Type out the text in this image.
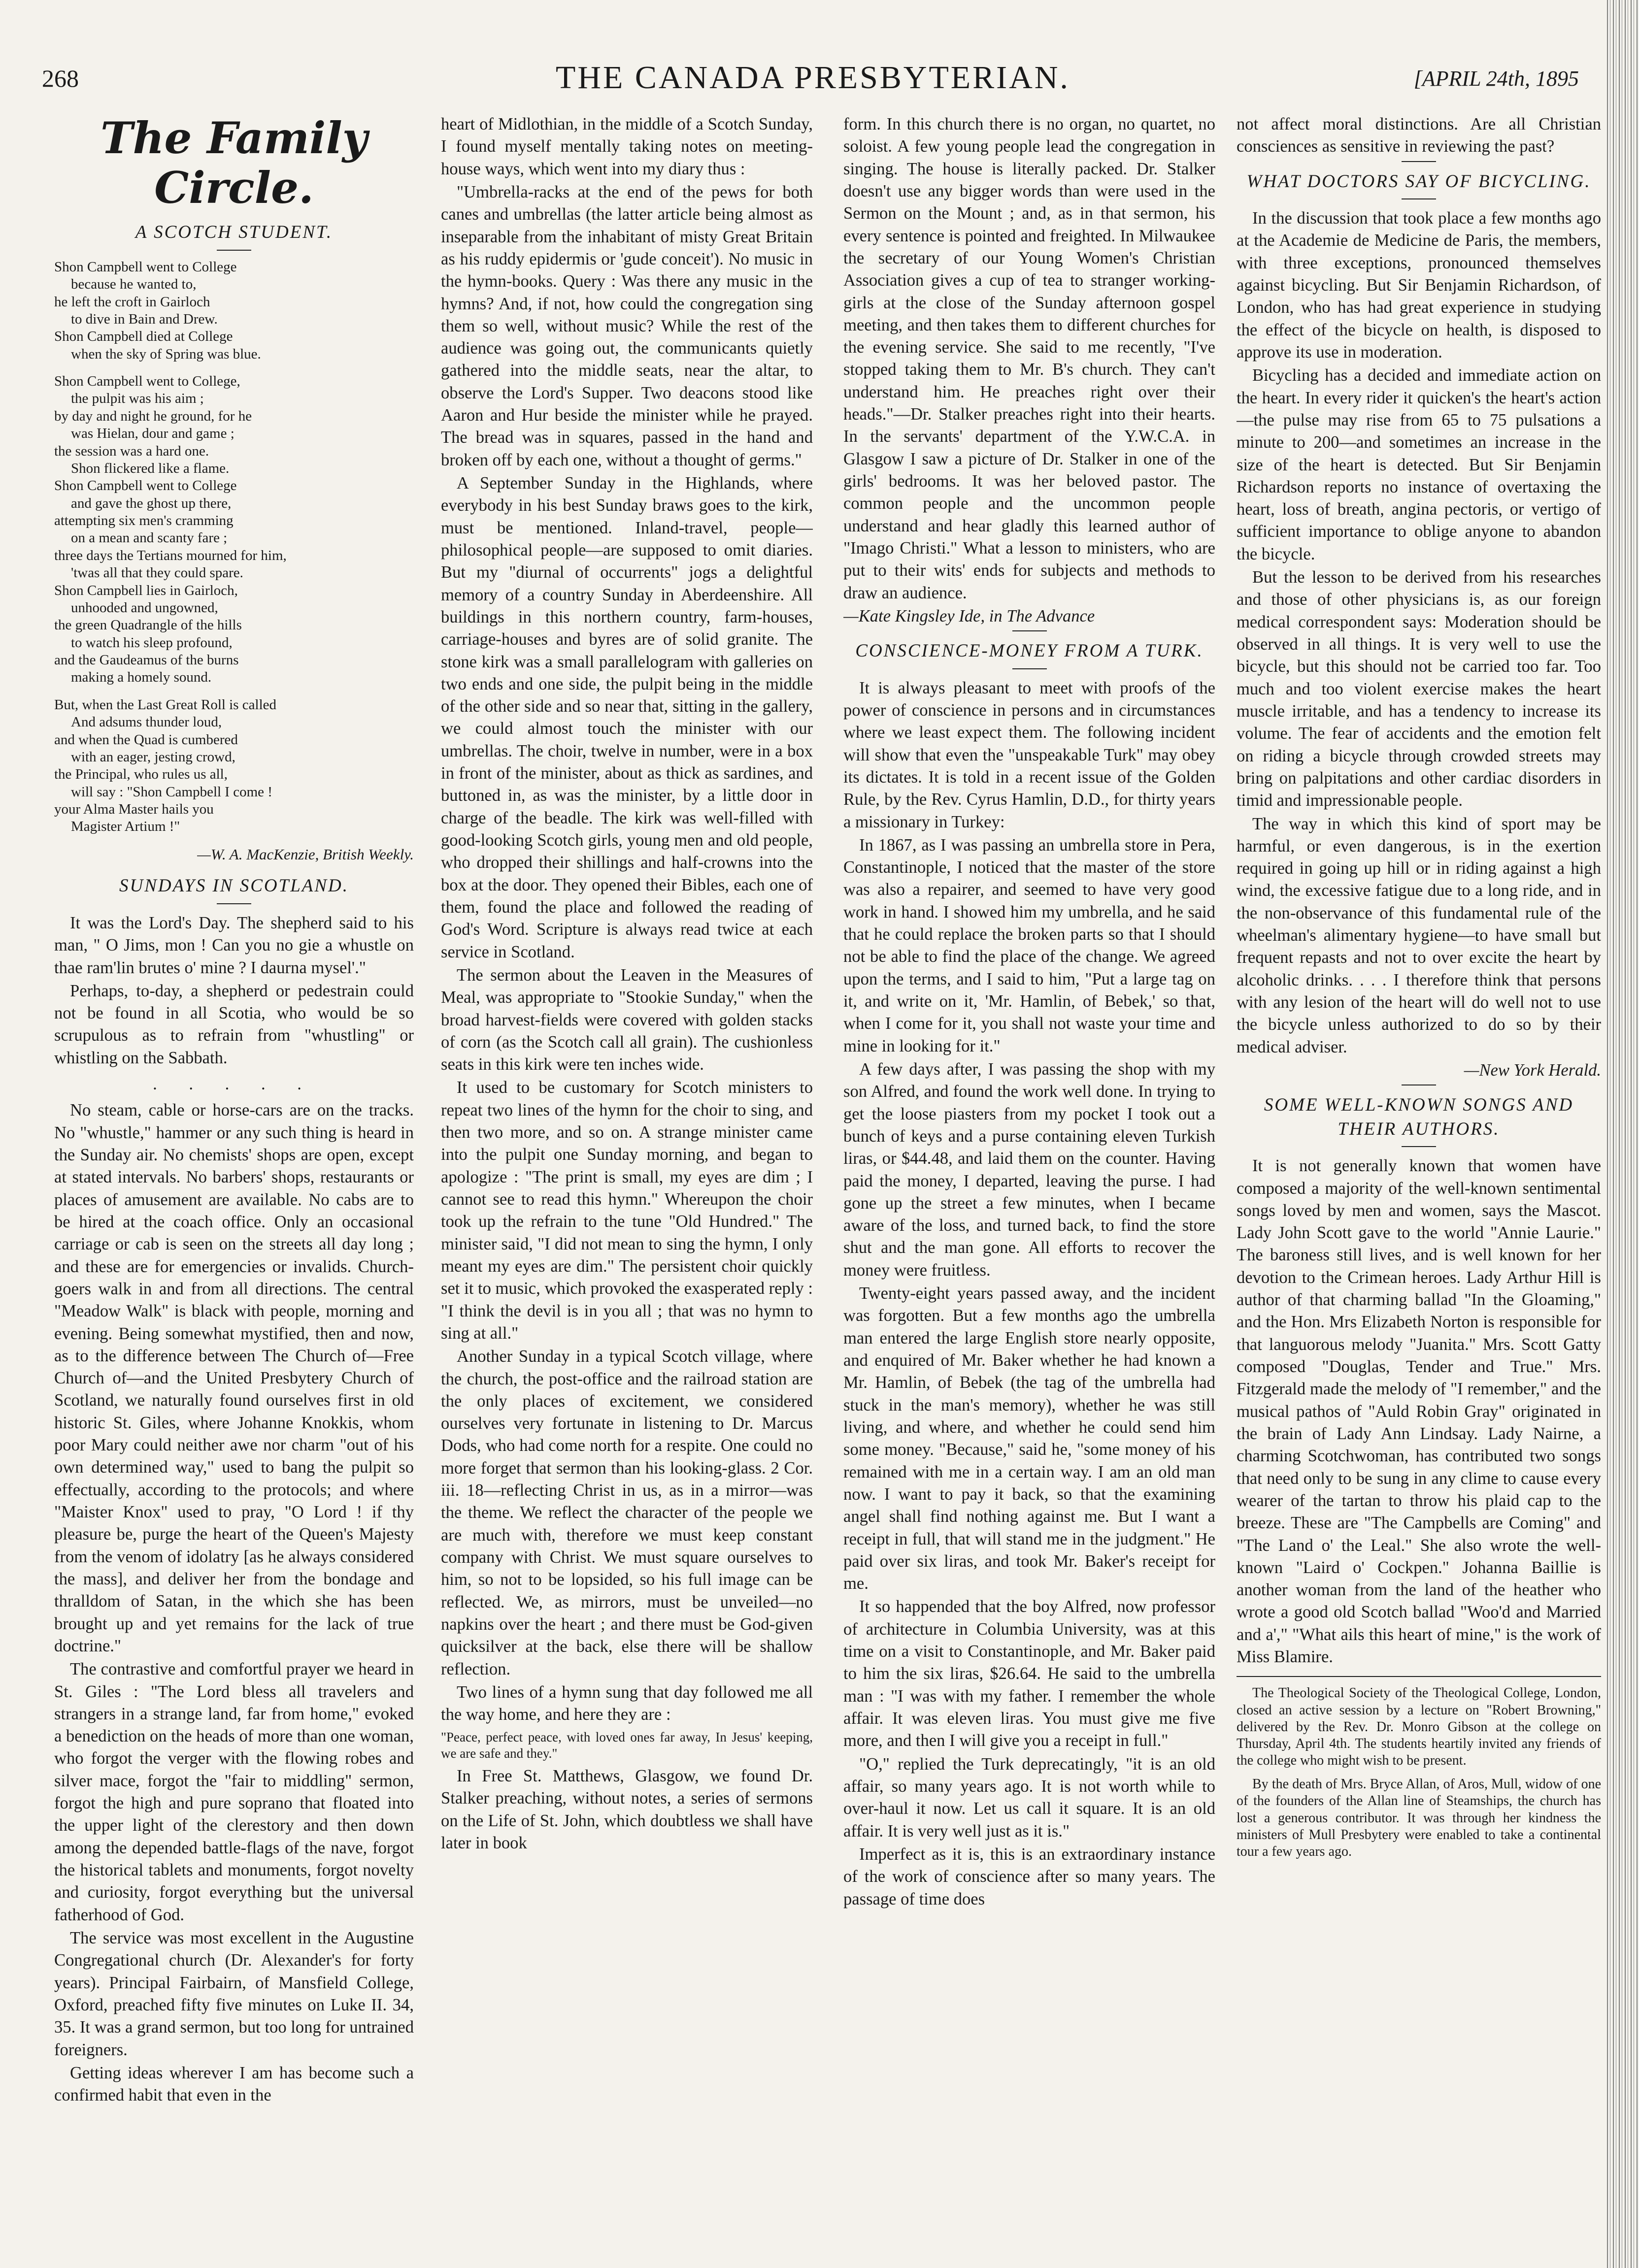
268	THE CANADA PRESBYTERIAN.	[APRIL 24th, 1895
The Family Circle.
A SCOTCH STUDENT.
Shon Campbell went to College
because he wanted to,
he left the croft in Gairloch
to dive in Bain and Drew.
Shon Campbell died at College
when the sky of Spring was blue.
Shon Campbell went to College,
the pulpit was his aim ;
by day and night he ground, for he
was Hielan, dour and game ;
the session was a hard one.
Shon flickered like a flame.
Shon Campbell went to College
and gave the ghost up there,
attempting six men's cramming
on a mean and scanty fare ;
three days the Tertians mourned for him,
'twas all that they could spare.
Shon Campbell lies in Gairloch,
unhooded and ungowned,
the green Quadrangle of the hills
to watch his sleep profound,
and the Gaudeamus of the burns
making a homely sound.
But, when the Last Great Roll is called
And adsums thunder loud,
and when the Quad is cumbered
with an eager, jesting crowd,
the Principal, who rules us all,
will say : "Shon Campbell I come !
your Alma Master hails you
Magister Artium !"
—W. A. MacKenzie, British Weekly.
SUNDAYS IN SCOTLAND.

It was the Lord's Day. The shepherd said to his man, " O Jims, mon ! Can you no gie a whustle on thae ram'lin brutes o' mine ? I daurna mysel'."

Perhaps, to-day, a shepherd or pedestrain could not be found in all Scotia, who would be so scrupulous as to refrain from "whustling" or whistling on the Sabbath.

. . . . .

No steam, cable or horse-cars are on the tracks. No "whustle," hammer or any such thing is heard in the Sunday air. No chemists' shops are open, except at stated intervals. No barbers' shops, restaurants or places of amusement are available. No cabs are to be hired at the coach office. Only an occasional carriage or cab is seen on the streets all day long ; and these are for emergencies or invalids. Church-goers walk in and from all directions. The central "Meadow Walk" is black with people, morning and evening. Being somewhat mystified, then and now, as to the difference between The Church of—Free Church of—and the United Presbytery Church of Scotland, we naturally found ourselves first in old historic St. Giles, where Johanne Knokkis, whom poor Mary could neither awe nor charm "out of his own determined way," used to bang the pulpit so effectually, according to the protocols; and where "Maister Knox" used to pray, "O Lord ! if thy pleasure be, purge the heart of the Queen's Majesty from the venom of idolatry [as he always considered the mass], and deliver her from the bondage and thralldom of Satan, in the which she has been brought up and yet remains for the lack of true doctrine."

The contrastive and comfortful prayer we heard in St. Giles : "The Lord bless all travelers and strangers in a strange land, far from home," evoked a benediction on the heads of more than one woman, who forgot the verger with the flowing robes and silver mace, forgot the "fair to middling" sermon, forgot the high and pure soprano that floated into the upper light of the clerestory and then down among the depended battle-flags of the nave, forgot the historical tablets and monuments, forgot novelty and curiosity, forgot everything but the universal fatherhood of God.

The service was most excellent in the Augustine Congregational church (Dr. Alexander's for forty years). Principal Fairbairn, of Mansfield College, Oxford, preached fifty five minutes on Luke II. 34, 35. It was a grand sermon, but too long for untrained foreigners.

Getting ideas wherever I am has become such a confirmed habit that even in the

heart of Midlothian, in the middle of a Scotch Sunday, I found myself mentally taking notes on meeting-house ways, which went into my diary thus :

"Umbrella-racks at the end of the pews for both canes and umbrellas (the latter article being almost as inseparable from the inhabitant of misty Great Britain as his ruddy epidermis or 'gude conceit'). No music in the hymn-books. Query : Was there any music in the hymns? And, if not, how could the congregation sing them so well, without music? While the rest of the audience was going out, the communicants quietly gathered into the middle seats, near the altar, to observe the Lord's Supper. Two deacons stood like Aaron and Hur beside the minister while he prayed. The bread was in squares, passed in the hand and broken off by each one, without a thought of germs."

A September Sunday in the Highlands, where everybody in his best Sunday braws goes to the kirk, must be mentioned. Inland-travel, people—philosophical people—are supposed to omit diaries. But my "diurnal of occurrents" jogs a delightful memory of a country Sunday in Aberdeenshire. All buildings in this northern country, farm-houses, carriage-houses and byres are of solid granite. The stone kirk was a small parallelogram with galleries on two ends and one side, the pulpit being in the middle of the other side and so near that, sitting in the gallery, we could almost touch the minister with our umbrellas. The choir, twelve in number, were in a box in front of the minister, about as thick as sardines, and buttoned in, as was the minister, by a little door in charge of the beadle. The kirk was well-filled with good-looking Scotch girls, young men and old people, who dropped their shillings and half-crowns into the box at the door. They opened their Bibles, each one of them, found the place and followed the reading of God's Word. Scripture is always read twice at each service in Scotland.

The sermon about the Leaven in the Measures of Meal, was appropriate to "Stookie Sunday," when the broad harvest-fields were covered with golden stacks of corn (as the Scotch call all grain). The cushionless seats in this kirk were ten inches wide.

It used to be customary for Scotch ministers to repeat two lines of the hymn for the choir to sing, and then two more, and so on. A strange minister came into the pulpit one Sunday morning, and began to apologize : "The print is small, my eyes are dim ; I cannot see to read this hymn." Whereupon the choir took up the refrain to the tune "Old Hundred." The minister said, "I did not mean to sing the hymn, I only meant my eyes are dim." The persistent choir quickly set it to music, which provoked the exasperated reply : "I think the devil is in you all ; that was no hymn to sing at all."

Another Sunday in a typical Scotch village, where the church, the post-office and the railroad station are the only places of excitement, we considered ourselves very fortunate in listening to Dr. Marcus Dods, who had come north for a respite. One could no more forget that sermon than his looking-glass. 2 Cor. iii. 18—reflecting Christ in us, as in a mirror—was the theme. We reflect the character of the people we are much with, therefore we must keep constant company with Christ. We must square ourselves to him, so not to be lopsided, so his full image can be reflected. We, as mirrors, must be unveiled—no napkins over the heart ; and there must be God-given quicksilver at the back, else there will be shallow reflection.

Two lines of a hymn sung that day followed me all the way home, and here they are :

"Peace, perfect peace, with loved ones far away, In Jesus' keeping, we are safe and they."

In Free St. Matthews, Glasgow, we found Dr. Stalker preaching, without notes, a series of sermons on the Life of St. John, which doubtless we shall have later in book

form. In this church there is no organ, no quartet, no soloist. A few young people lead the congregation in singing. The house is literally packed. Dr. Stalker doesn't use any bigger words than were used in the Sermon on the Mount ; and, as in that sermon, his every sentence is pointed and freighted. In Milwaukee the secretary of our Young Women's Christian Association gives a cup of tea to stranger working-girls at the close of the Sunday afternoon gospel meeting, and then takes them to different churches for the evening service. She said to me recently, "I've stopped taking them to Mr. B's church. They can't understand him. He preaches right over their heads."—Dr. Stalker preaches right into their hearts. In the servants' department of the Y.W.C.A. in Glasgow I saw a picture of Dr. Stalker in one of the girls' bedrooms. It was her beloved pastor. The common people and the uncommon people understand and hear gladly this learned author of "Imago Christi." What a lesson to ministers, who are put to their wits' ends for subjects and methods to draw an audience.

—Kate Kingsley Ide, in The Advance

CONSCIENCE-MONEY FROM A TURK.

It is always pleasant to meet with proofs of the power of conscience in persons and in circumstances where we least expect them. The following incident will show that even the "unspeakable Turk" may obey its dictates. It is told in a recent issue of the Golden Rule, by the Rev. Cyrus Hamlin, D.D., for thirty years a missionary in Turkey:

In 1867, as I was passing an umbrella store in Pera, Constantinople, I noticed that the master of the store was also a repairer, and seemed to have very good work in hand. I showed him my umbrella, and he said that he could replace the broken parts so that I should not be able to find the place of the change. We agreed upon the terms, and I said to him, "Put a large tag on it, and write on it, 'Mr. Hamlin, of Bebek,' so that, when I come for it, you shall not waste your time and mine in looking for it."

A few days after, I was passing the shop with my son Alfred, and found the work well done. In trying to get the loose piasters from my pocket I took out a bunch of keys and a purse containing eleven Turkish liras, or $44.48, and laid them on the counter. Having paid the money, I departed, leaving the purse. I had gone up the street a few minutes, when I became aware of the loss, and turned back, to find the store shut and the man gone. All efforts to recover the money were fruitless.

Twenty-eight years passed away, and the incident was forgotten. But a few months ago the umbrella man entered the large English store nearly opposite, and enquired of Mr. Baker whether he had known a Mr. Hamlin, of Bebek (the tag of the umbrella had stuck in the man's memory), whether he was still living, and where, and whether he could send him some money. "Because," said he, "some money of his remained with me in a certain way. I am an old man now. I want to pay it back, so that the examining angel shall find nothing against me. But I want a receipt in full, that will stand me in the judgment." He paid over six liras, and took Mr. Baker's receipt for me.

It so happended that the boy Alfred, now professor of architecture in Columbia University, was at this time on a visit to Constantinople, and Mr. Baker paid to him the six liras, $26.64. He said to the umbrella man : "I was with my father. I remember the whole affair. It was eleven liras. You must give me five more, and then I will give you a receipt in full."

"O," replied the Turk deprecatingly, "it is an old affair, so many years ago. It is not worth while to over-haul it now. Let us call it square. It is an old affair. It is very well just as it is."

Imperfect as it is, this is an extraordinary instance of the work of conscience after so many years. The passage of time does

not affect moral distinctions. Are all Christian consciences as sensitive in reviewing the past?

WHAT DOCTORS SAY OF BICYCLING.

In the discussion that took place a few months ago at the Academie de Medicine de Paris, the members, with three exceptions, pronounced themselves against bicycling. But Sir Benjamin Richardson, of London, who has had great experience in studying the effect of the bicycle on health, is disposed to approve its use in moderation.

Bicycling has a decided and immediate action on the heart. In every rider it quicken's the heart's action—the pulse may rise from 65 to 75 pulsations a minute to 200—and sometimes an increase in the size of the heart is detected. But Sir Benjamin Richardson reports no instance of overtaxing the heart, loss of breath, angina pectoris, or vertigo of sufficient importance to oblige anyone to abandon the bicycle.

But the lesson to be derived from his researches and those of other physicians is, as our foreign medical correspondent says: Moderation should be observed in all things. It is very well to use the bicycle, but this should not be carried too far. Too much and too violent exercise makes the heart muscle irritable, and has a tendency to increase its volume. The fear of accidents and the emotion felt on riding a bicycle through crowded streets may bring on palpitations and other cardiac disorders in timid and impressionable people.

The way in which this kind of sport may be harmful, or even dangerous, is in the exertion required in going up hill or in riding against a high wind, the excessive fatigue due to a long ride, and in the non-observance of this fundamental rule of the wheelman's alimentary hygiene—to have small but frequent repasts and not to over excite the heart by alcoholic drinks. . . . I therefore think that persons with any lesion of the heart will do well not to use the bicycle unless authorized to do so by their medical adviser.

—New York Herald.

SOME WELL-KNOWN SONGS AND THEIR AUTHORS.

It is not generally known that women have composed a majority of the well-known sentimental songs loved by men and women, says the Mascot. Lady John Scott gave to the world "Annie Laurie." The baroness still lives, and is well known for her devotion to the Crimean heroes. Lady Arthur Hill is author of that charming ballad "In the Gloaming," and the Hon. Mrs Elizabeth Norton is responsible for that languorous melody "Juanita." Mrs. Scott Gatty composed "Douglas, Tender and True." Mrs. Fitzgerald made the melody of "I remember," and the musical pathos of "Auld Robin Gray" originated in the brain of Lady Ann Lindsay. Lady Nairne, a charming Scotchwoman, has contributed two songs that need only to be sung in any clime to cause every wearer of the tartan to throw his plaid cap to the breeze. These are "The Campbells are Coming" and "The Land o' the Leal." She also wrote the well-known "Laird o' Cockpen." Johanna Baillie is another woman from the land of the heather who wrote a good old Scotch ballad "Woo'd and Married and a'," "What ails this heart of mine," is the work of Miss Blamire.

The Theological Society of the Theological College, London, closed an active session by a lecture on "Robert Browning," delivered by the Rev. Dr. Monro Gibson at the college on Thursday, April 4th. The students heartily invited any friends of the college who might wish to be present.

By the death of Mrs. Bryce Allan, of Aros, Mull, widow of one of the founders of the Allan line of Steamships, the church has lost a generous contributor. It was through her kindness the ministers of Mull Presbytery were enabled to take a continental tour a few years ago.
